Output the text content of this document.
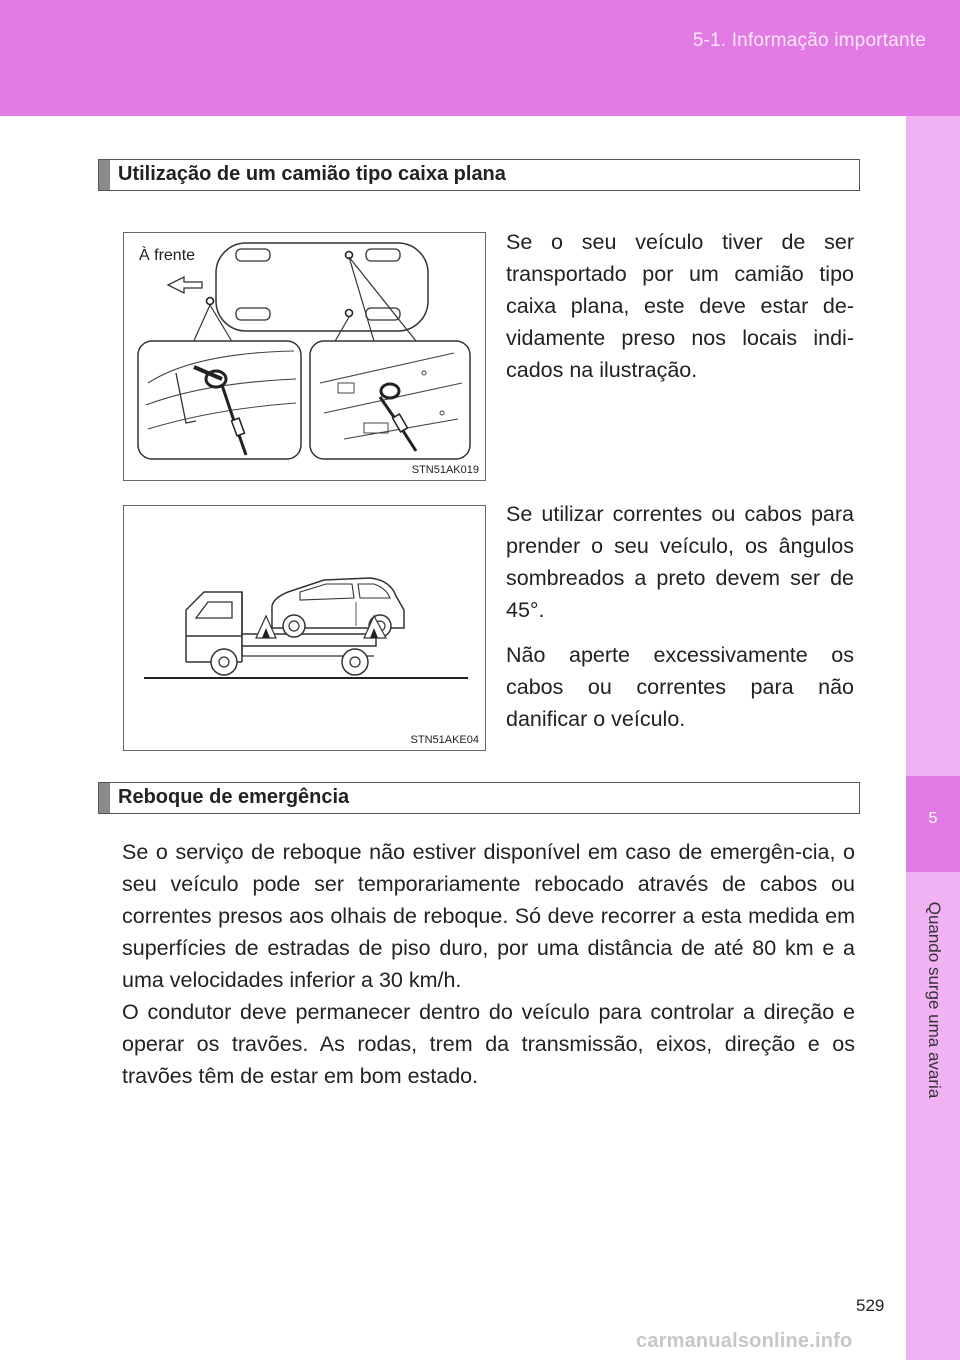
5-1. Informação importante
5
Quando surge uma avaria
Utilização de um camião tipo caixa plana
À frente
STN51AK019

Se o seu veículo tiver de ser transportado por um camião tipo caixa plana, este deve estar de-vidamente preso nos locais indi-cados na ilustração.

STN51AKE04

Se utilizar correntes ou cabos para prender o seu veículo, os ângulos sombreados a preto devem ser de 45°.

Não aperte excessivamente os cabos ou correntes para não danificar o veículo.

Reboque de emergência

Se o serviço de reboque não estiver disponível em caso de emergên-cia, o seu veículo pode ser temporariamente rebocado através de cabos ou correntes presos aos olhais de reboque. Só deve recorrer a esta medida em superfícies de estradas de piso duro, por uma distância de até 80 km e a uma velocidades inferior a 30 km/h.

O condutor deve permanecer dentro do veículo para controlar a direção e operar os travões. As rodas, trem da transmissão, eixos, direção e os travões têm de estar em bom estado.

529
carmanualsonline.info
